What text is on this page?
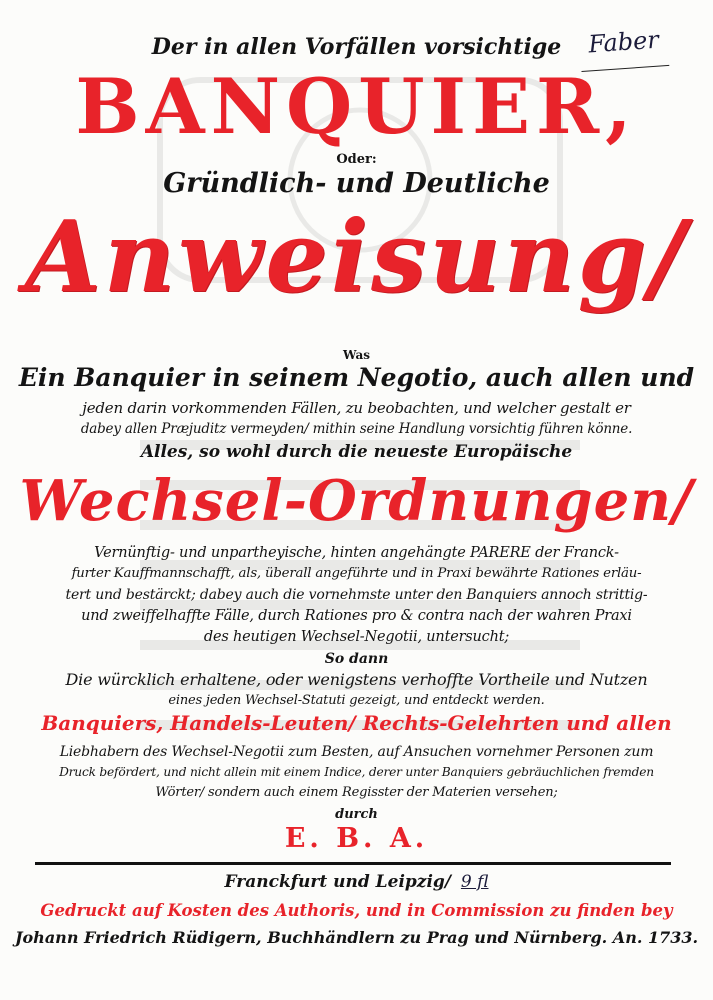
Faber
Der in allen Vorfällen vorsichtige
BANQUIER,
Oder:
Gründlich- und Deutliche
Anweisung/
Was
Ein Banquier in seinem Negotio, auch allen und
jeden darin vorkommenden Fällen, zu beobachten, und welcher gestalt er
dabey allen Præjuditz vermeyden/ mithin seine Handlung vorsichtig führen könne.
Alles, so wohl durch die neueste Europäische
Wechsel-Ordnungen/
Vernünftig- und unpartheyische, hinten angehängte PARERE der Franck-
furter Kauffmannschafft, als, überall angeführte und in Praxi bewährte Rationes erläu-
tert und bestärckt; dabey auch die vornehmste unter den Banquiers annoch strittig-
und zweiffelhaffte Fälle, durch Rationes pro & contra nach der wahren Praxi
des heutigen Wechsel-Negotii, untersucht;
So dann
Die würcklich erhaltene, oder wenigstens verhoffte Vortheile und Nutzen
eines jeden Wechsel-Statuti gezeigt, und entdeckt werden.
Banquiers, Handels-Leuten/ Rechts-Gelehrten und allen
Liebhabern des Wechsel-Negotii zum Besten, auf Ansuchen vornehmer Personen zum
Druck befördert, und nicht allein mit einem Indice, derer unter Banquiers gebräuchlichen fremden
Wörter/ sondern auch einem Regisster der Materien versehen;
durch
E. B. A.
Franckfurt und Leipzig/ 9 fl
Gedruckt auf Kosten des Authoris, und in Commission zu finden bey
Johann Friedrich Rüdigern, Buchhändlern zu Prag und Nürnberg. An. 1733.
